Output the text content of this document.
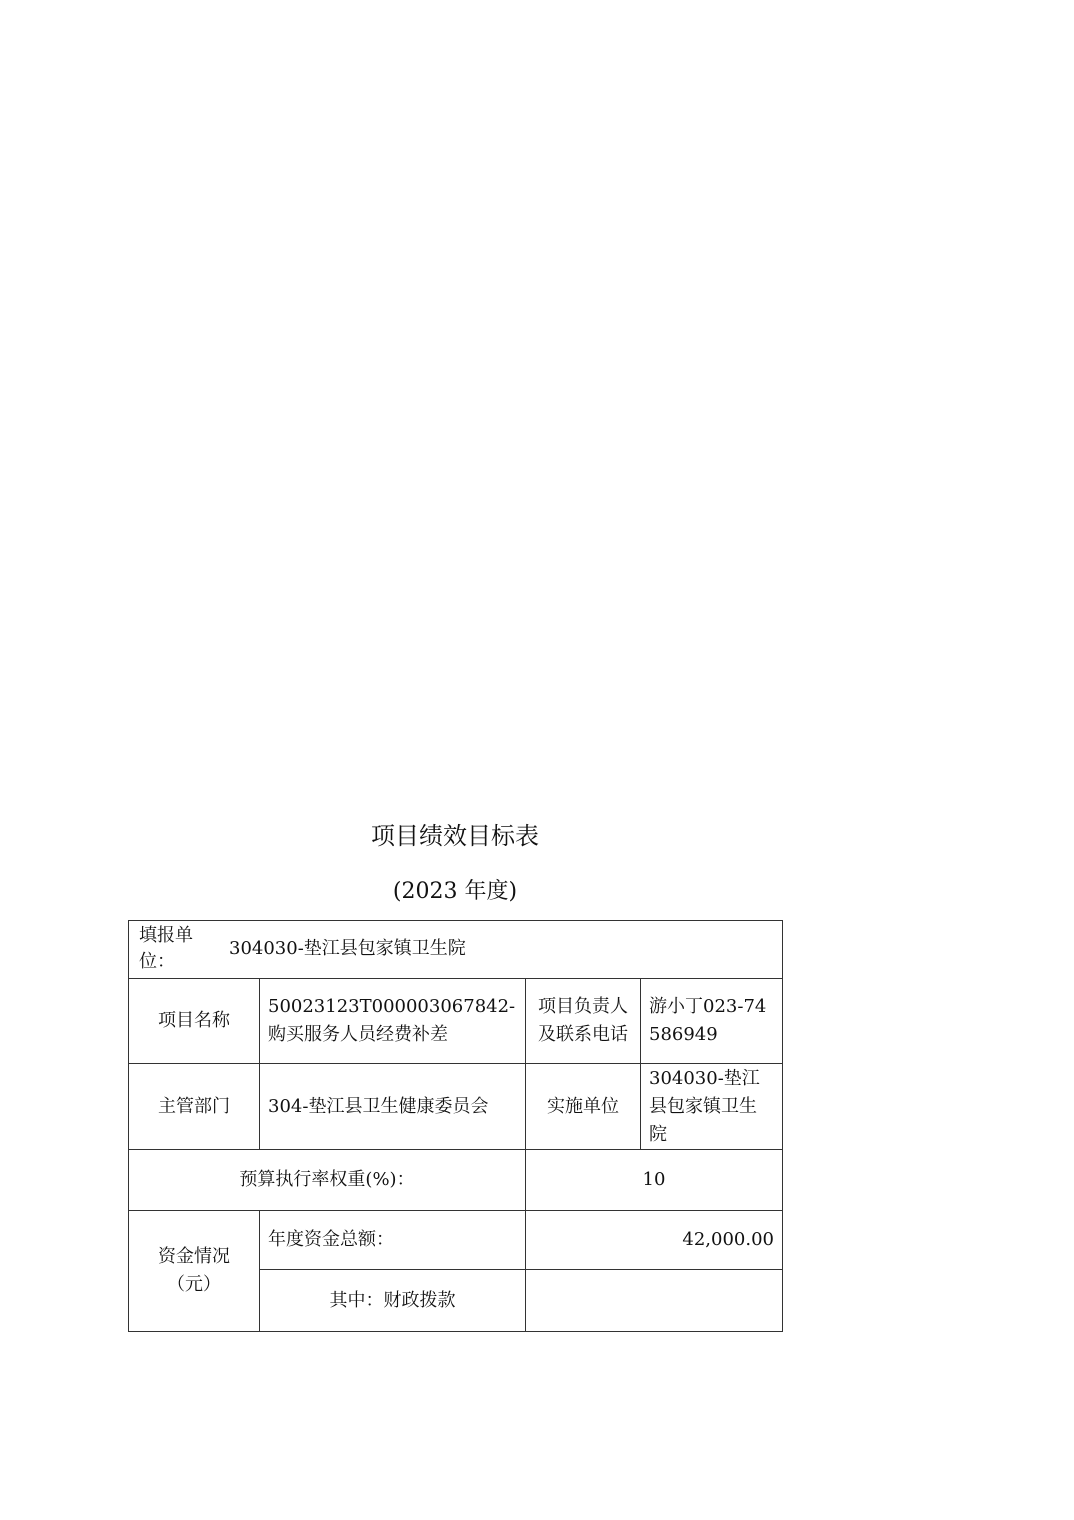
项目绩效目标表
(2023 年度)
填报单位：
304030-垫江县包家镇卫生院			

项目名称	50023123T000003067842-购买服务人员经费补差	项目负责人及联系电话	游小丁023-74586949
主管部门	304-垫江县卫生健康委员会	实施单位	304030-垫江县包家镇卫生院
预算执行率权重(%)：		10	
资金情况（元）	年度资金总额：	42,000.00	
	其中：财政拨款		
